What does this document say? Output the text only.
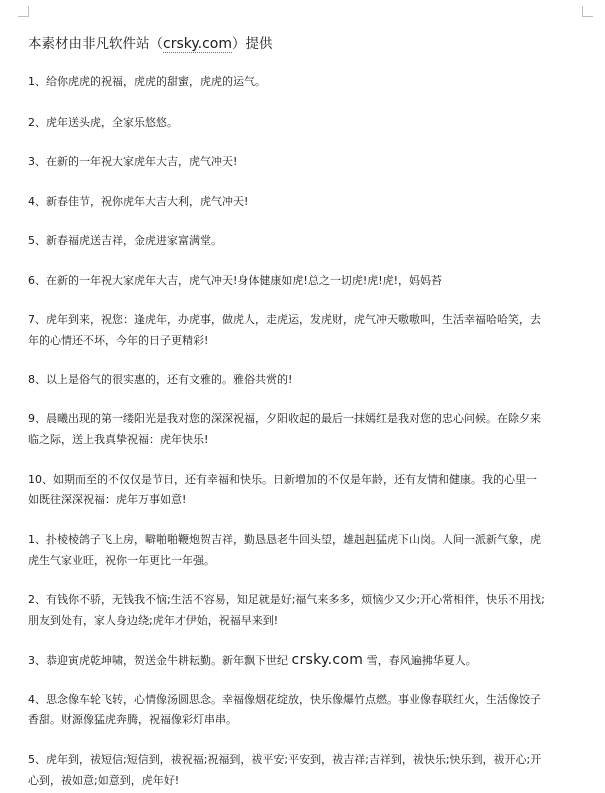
本素材由非凡软件站（crsky.com）提供
1、给你虎虎的祝福，虎虎的甜蜜，虎虎的运气。
2、虎年送头虎，全家乐悠悠。
3、在新的一年祝大家虎年大吉，虎气冲天!
4、新春佳节，祝你虎年大吉大利，虎气冲天!
5、新春福虎送吉祥，金虎进家富满堂。
6、在新的一年祝大家虎年大吉，虎气冲天!身体健康如虎!总之一切虎!虎!虎!，妈妈苔
7、虎年到来，祝您：逢虎年，办虎事，做虎人，走虎运，发虎财，虎气冲天嗷嗷叫，生活幸福哈哈笑，去
年的心情还不坏，今年的日子更精彩!
8、以上是俗气的很实惠的，还有文雅的。雅俗共赏的!
9、晨曦出现的第一缕阳光是我对您的深深祝福，夕阳收起的最后一抹嫣红是我对您的忠心问候。在除夕来
临之际，送上我真挚祝福：虎年快乐!
10、如期而至的不仅仅是节日，还有幸福和快乐。日新增加的不仅是年龄，还有友情和健康。我的心里一
如既往深深祝福：虎年万事如意!
1、扑棱棱鸽子飞上房，噼啪啪鞭炮贺吉祥，勤恳恳老牛回头望，雄赳赳猛虎下山岗。人间一派新气象，虎
虎生气家业旺，祝你一年更比一年强。
2、有钱你不骄，无钱我不恼;生活不容易，知足就是好;福气来多多，烦恼少又少;开心常相伴，快乐不用找;
朋友到处有，家人身边绕;虎年才伊始，祝福早来到!
3、恭迎寅虎乾坤啸，贺送金牛耕耘勤。新年飘下世纪 crsky.com 雪，春风遍拂华夏人。
4、思念像车轮飞转，心情像汤圆思念。幸福像烟花绽放，快乐像爆竹点燃。事业像春联红火，生活像饺子
香甜。财源像猛虎奔腾，祝福像彩灯串串。
5、虎年到，祓短信;短信到，祓祝福;祝福到，祓平安;平安到，祓吉祥;吉祥到，祓快乐;快乐到，祓开心;开
心到，祓如意;如意到，虎年好!
